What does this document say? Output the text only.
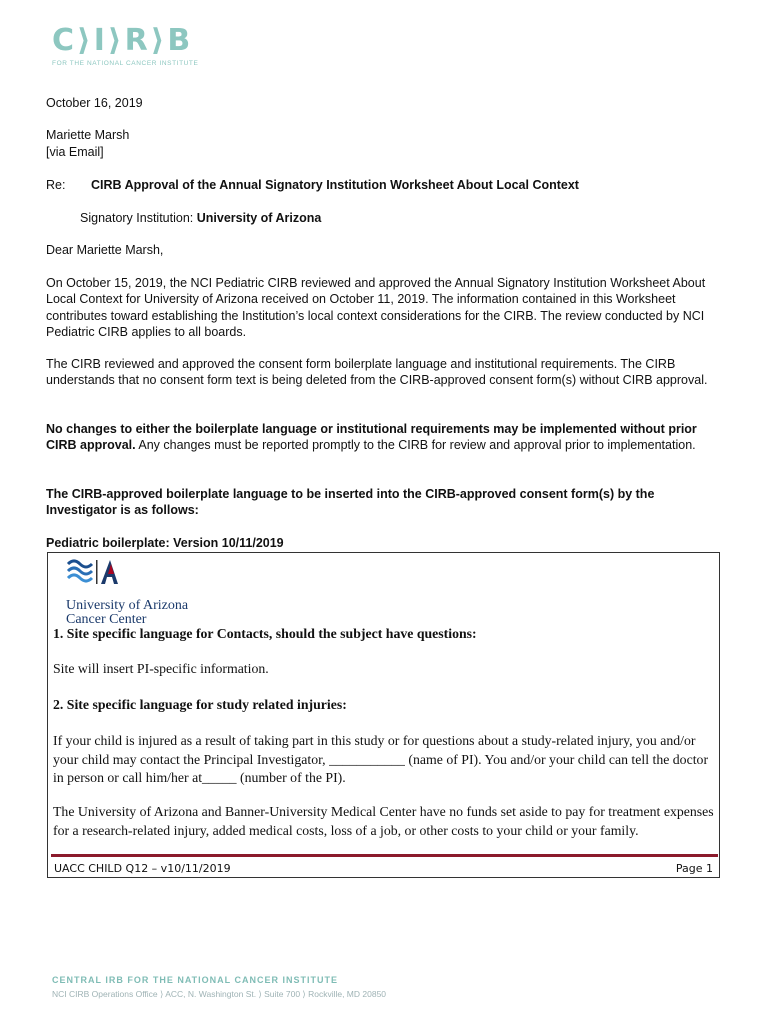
C⟩I⟩R⟩B
FOR THE NATIONAL CANCER INSTITUTE
October 16, 2019
Mariette Marsh
[via Email]
Re: CIRB Approval of the Annual Signatory Institution Worksheet About Local Context
Signatory Institution: University of Arizona
Dear Mariette Marsh,
On October 15, 2019, the NCI Pediatric CIRB reviewed and approved the Annual Signatory Institution Worksheet About Local Context for University of Arizona received on October 11, 2019. The information contained in this Worksheet contributes toward establishing the Institution’s local context considerations for the CIRB. The review conducted by NCI Pediatric CIRB applies to all boards.
The CIRB reviewed and approved the consent form boilerplate language and institutional requirements. The CIRB understands that no consent form text is being deleted from the CIRB-approved consent form(s) without CIRB approval.
No changes to either the boilerplate language or institutional requirements may be implemented without prior CIRB approval. Any changes must be reported promptly to the CIRB for review and approval prior to implementation.
The CIRB-approved boilerplate language to be inserted into the CIRB-approved consent form(s) by the Investigator is as follows:
Pediatric boilerplate: Version 10/11/2019
University of Arizona
Cancer Center
1. Site specific language for Contacts, should the subject have questions:
Site will insert PI-specific information.
2. Site specific language for study related injuries:
If your child is injured as a result of taking part in this study or for questions about a study-related injury, you and/or your child may contact the Principal Investigator, ___________ (name of PI). You and/or your child can tell the doctor in person or call him/her at_____ (number of the PI).
The University of Arizona and Banner-University Medical Center have no funds set aside to pay for treatment expenses for a research-related injury, added medical costs, loss of a job, or other costs to your child or your family.
UACC CHILD Q12 – v10/11/2019	Page 1
CENTRAL IRB FOR THE NATIONAL CANCER INSTITUTE
NCI CIRB Operations Office ⟩ ACC, N. Washington St. ⟩ Suite 700 ⟩ Rockville, MD 20850
